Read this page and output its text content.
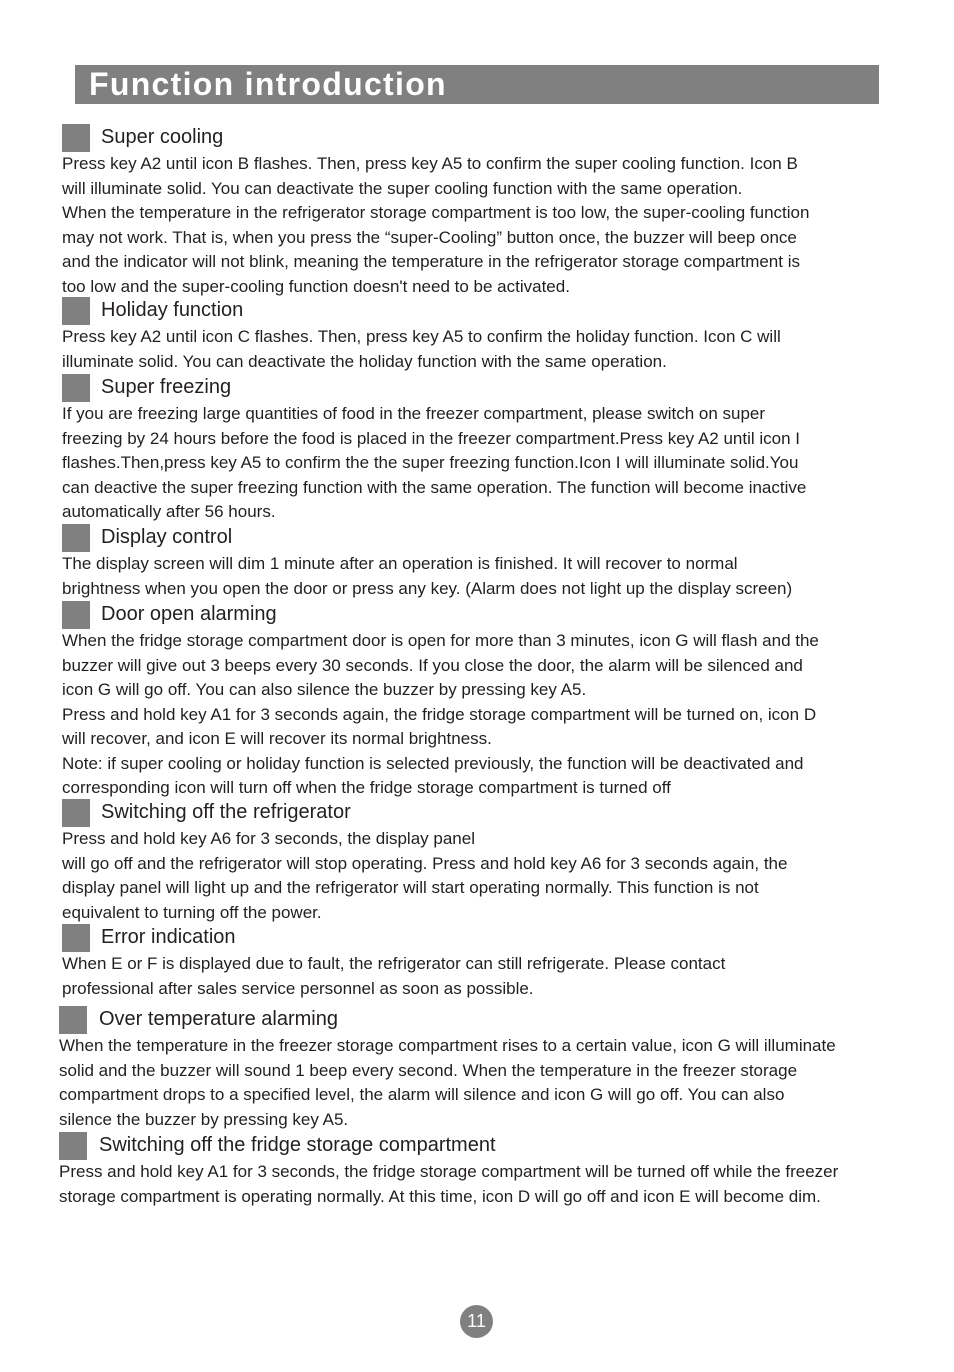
Function introduction
Super cooling

Press key A2 until icon B flashes. Then, press key A5 to confirm the super cooling function. Icon B
will illuminate solid. You can deactivate the super cooling function with the same operation.

When the temperature in the refrigerator storage compartment is too low, the super-cooling function
may not work. That is, when you press the “super-Cooling” button once, the buzzer will beep once
and the indicator will not blink, meaning the temperature in the refrigerator storage compartment is
too low and the super-cooling function doesn't need to be activated.

Holiday function

Press key A2 until icon C flashes. Then, press key A5 to confirm the holiday function. Icon C will
illuminate solid. You can deactivate the holiday function with the same operation.

Super freezing

If you are freezing large quantities of food in the freezer compartment, please switch on super
freezing by 24 hours before the food is placed in the freezer compartment.Press key A2 until icon I
flashes.Then,press key A5 to confirm the the super freezing function.Icon I will illuminate solid.You
can deactive the super freezing function with the same operation. The function will become inactive
automatically after 56 hours.

Display control

The display screen will dim 1 minute after an operation is finished. It will recover to normal
brightness when you open the door or press any key. (Alarm does not light up the display screen)

Door open alarming

When the fridge storage compartment door is open for more than 3 minutes, icon G will flash and the
buzzer will give out 3 beeps every 30 seconds. If you close the door, the alarm will be silenced and
icon G will go off. You can also silence the buzzer by pressing key A5.

Press and hold key A1 for 3 seconds again, the fridge storage compartment will be turned on, icon D
will recover, and icon E will recover its normal brightness.

Note: if super cooling or holiday function is selected previously, the function will be deactivated and
corresponding icon will turn off when the fridge storage compartment is turned off

Switching off the refrigerator

Press and hold key A6 for 3 seconds, the display panel

will go off and the refrigerator will stop operating. Press and hold key A6 for 3 seconds again, the
display panel will light up and the refrigerator will start operating normally. This function is not
equivalent to turning off the power.

Error indication

When E or F is displayed due to fault, the refrigerator can still refrigerate. Please contact
professional after sales service personnel as soon as possible.

Over temperature alarming

When the temperature in the freezer storage compartment rises to a certain value, icon G will illuminate
solid and the buzzer will sound 1 beep every second. When the temperature in the freezer storage
compartment drops to a specified level, the alarm will silence and icon G will go off. You can also
silence the buzzer by pressing key A5.

Switching off the fridge storage compartment

Press and hold key A1 for 3 seconds, the fridge storage compartment will be turned off while the freezer
storage compartment is operating normally. At this time, icon D will go off and icon E will become dim.

11
